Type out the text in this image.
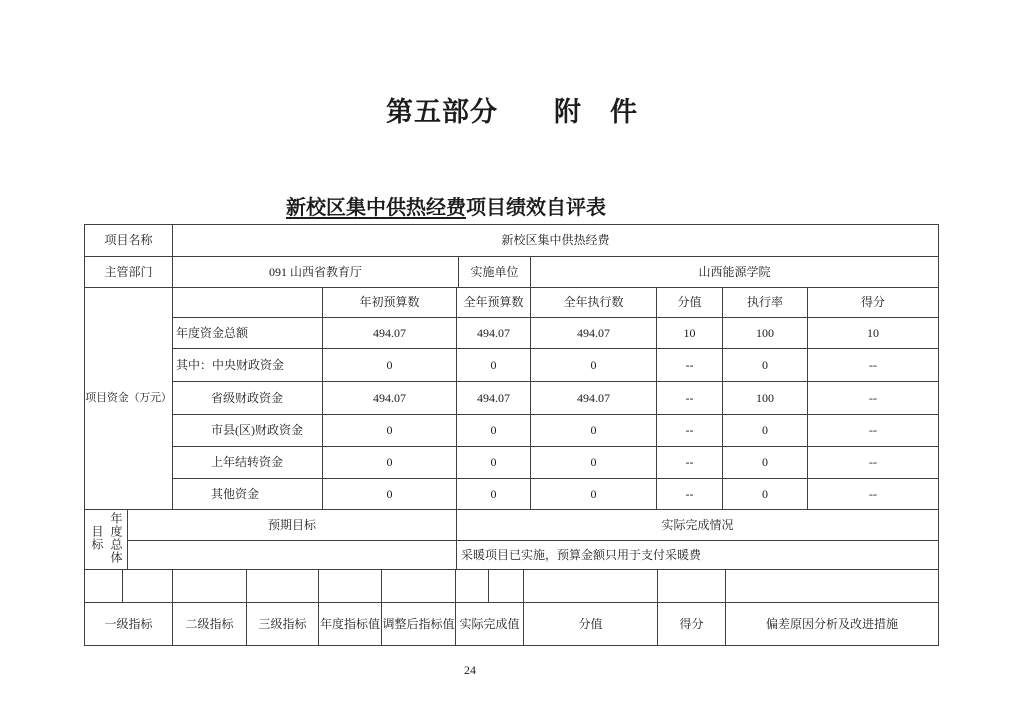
第五部分　　附　件
新校区集中供热经费项目绩效自评表
项目名称	新校区集中供热经费		
主管部门	091 山西省教育厅	实施单位	山西能源学院
项目资金（万元）		年初预算数	全年预算数	全年执行数	分值	执行率	得分
	年度资金总额	494.07	494.07	494.07	10	100	10
	其中：中央财政资金	0	0	0	--	0	--
	省级财政资金	494.07	494.07	494.07	--	100	--
	市县(区)财政资金	0	0	0	--	0	--
	上年结转资金	0	0	0	--	0	--
	其他资金	0	0	0	--	0	--
年度总体目标	预期目标	实际完成情况
		采暖项目已实施，预算金额只用于支付采暖费

一级指标	二级指标	三级指标	年度指标值	调整后指标值	实际完成值	分值	得分	偏差原因分析及改进措施
24
